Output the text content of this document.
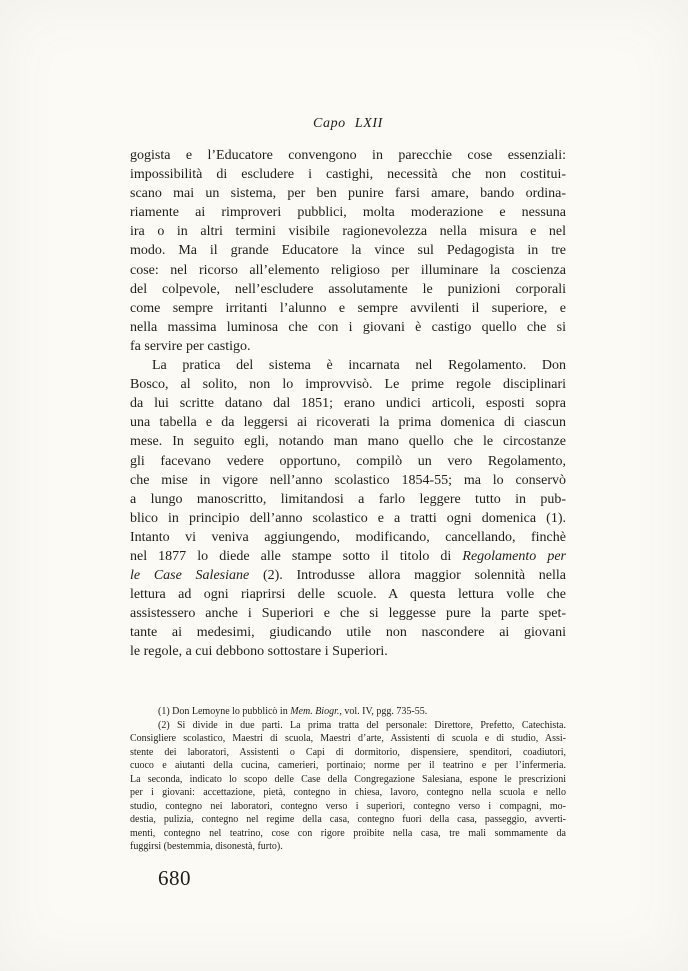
Capo LXII
gogista e l’Educatore convengono in parecchie cose essenziali:
impossibilità di escludere i castighi, necessità che non costitui-
scano mai un sistema, per ben punire farsi amare, bando ordina-
riamente ai rimproveri pubblici, molta moderazione e nessuna
ira o in altri termini visibile ragionevolezza nella misura e nel
modo. Ma il grande Educatore la vince sul Pedagogista in tre
cose: nel ricorso all’elemento religioso per illuminare la coscienza
del colpevole, nell’escludere assolutamente le punizioni corporali
come sempre irritanti l’alunno e sempre avvilenti il superiore, e
nella massima luminosa che con i giovani è castigo quello che si
fa servire per castigo.
La pratica del sistema è incarnata nel Regolamento. Don
Bosco, al solito, non lo improvvisò. Le prime regole disciplinari
da lui scritte datano dal 1851; erano undici articoli, esposti sopra
una tabella e da leggersi ai ricoverati la prima domenica di ciascun
mese. In seguito egli, notando man mano quello che le circostanze
gli facevano vedere opportuno, compilò un vero Regolamento,
che mise in vigore nell’anno scolastico 1854-55; ma lo conservò
a lungo manoscritto, limitandosi a farlo leggere tutto in pub-
blico in principio dell’anno scolastico e a tratti ogni domenica (1).
Intanto vi veniva aggiungendo, modificando, cancellando, finchè
nel 1877 lo diede alle stampe sotto il titolo di Regolamento per
le Case Salesiane (2). Introdusse allora maggior solennità nella
lettura ad ogni riaprirsi delle scuole. A questa lettura volle che
assistessero anche i Superiori e che si leggesse pure la parte spet-
tante ai medesimi, giudicando utile non nascondere ai giovani
le regole, a cui debbono sottostare i Superiori.
(1) Don Lemoyne lo pubblicò in Mem. Biogr., vol. IV, pgg. 735-55.
(2) Si divide in due parti. La prima tratta del personale: Direttore, Prefetto, Catechista.
Consigliere scolastico, Maestri di scuola, Maestri d’arte, Assistenti di scuola e di studio, Assi-
stente dei laboratori, Assistenti o Capi di dormitorio, dispensiere, spenditori, coadiutori,
cuoco e aiutanti della cucina, camerieri, portinaio; norme per il teatrino e per l’infermeria.
La seconda, indicato lo scopo delle Case della Congregazione Salesiana, espone le prescrizioni
per i giovani: accettazione, pietà, contegno in chiesa, lavoro, contegno nella scuola e nello
studio, contegno nei laboratori, contegno verso i superiori, contegno verso i compagni, mo-
destia, pulizia, contegno nel regime della casa, contegno fuori della casa, passeggio, avverti-
menti, contegno nel teatrino, cose con rigore proibite nella casa, tre mali sommamente da
fuggirsi (bestemmia, disonestà, furto).
680
